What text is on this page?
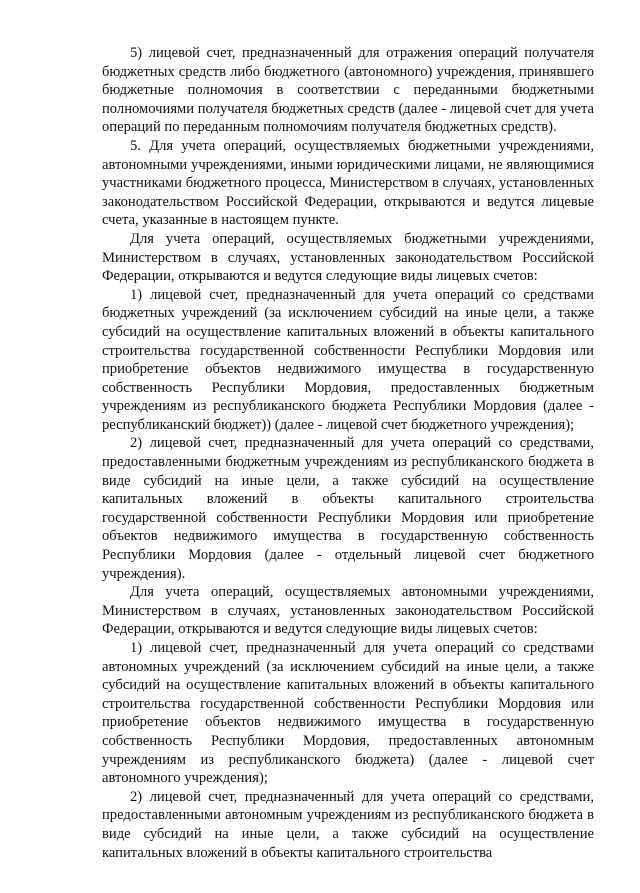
5) лицевой счет, предназначенный для отражения операций получателя бюджетных средств либо бюджетного (автономного) учреждения, принявшего бюджетные полномочия в соответствии с переданными бюджетными полномочиями получателя бюджетных средств (далее - лицевой счет для учета операций по переданным полномочиям получателя бюджетных средств).

5. Для учета операций, осуществляемых бюджетными учреждениями, автономными учреждениями, иными юридическими лицами, не являющимися участниками бюджетного процесса, Министерством в случаях, установленных законодательством Российской Федерации, открываются и ведутся лицевые счета, указанные в настоящем пункте.

Для учета операций, осуществляемых бюджетными учреждениями, Министерством в случаях, установленных законодательством Российской Федерации, открываются и ведутся следующие виды лицевых счетов:

1) лицевой счет, предназначенный для учета операций со средствами бюджетных учреждений (за исключением субсидий на иные цели, а также субсидий на осуществление капитальных вложений в объекты капитального строительства государственной собственности Республики Мордовия или приобретение объектов недвижимого имущества в государственную собственность Республики Мордовия, предоставленных бюджетным учреждениям из республиканского бюджета Республики Мордовия (далее - республиканский бюджет)) (далее - лицевой счет бюджетного учреждения);

2) лицевой счет, предназначенный для учета операций со средствами, предоставленными бюджетным учреждениям из республиканского бюджета в виде субсидий на иные цели, а также субсидий на осуществление капитальных вложений в объекты капитального строительства государственной собственности Республики Мордовия или приобретение объектов недвижимого имущества в государственную собственность Республики Мордовия (далее - отдельный лицевой счет бюджетного учреждения).

Для учета операций, осуществляемых автономными учреждениями, Министерством в случаях, установленных законодательством Российской Федерации, открываются и ведутся следующие виды лицевых счетов:

1) лицевой счет, предназначенный для учета операций со средствами автономных учреждений (за исключением субсидий на иные цели, а также субсидий на осуществление капитальных вложений в объекты капитального строительства государственной собственности Республики Мордовия или приобретение объектов недвижимого имущества в государственную собственность Республики Мордовия, предоставленных автономным учреждениям из республиканского бюджета) (далее - лицевой счет автономного учреждения);

2) лицевой счет, предназначенный для учета операций со средствами, предоставленными автономным учреждениям из республиканского бюджета в виде субсидий на иные цели, а также субсидий на осуществление капитальных вложений в объекты капитального строительства
